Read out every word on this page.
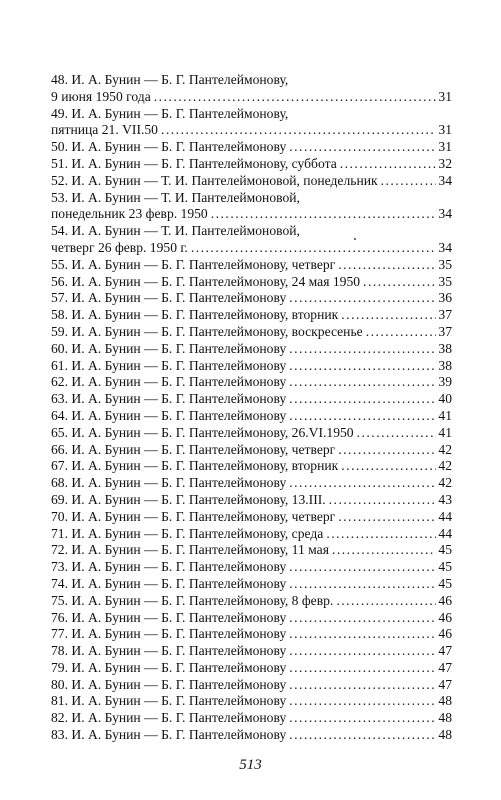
48. И. А. Бунин — Б. Г. Пантелеймонову,
9 июня 1950 года .....	31
49. И. А. Бунин — Б. Г. Пантелеймонову,
пятница 21. VII.50 .....	31
50. И. А. Бунин — Б. Г. Пантелеймонову .....	31
51. И. А. Бунин — Б. Г. Пантелеймонову, суббота .....	32
52. И. А. Бунин — Т. И. Пантелеймоновой, понедельник .....	34
53. И. А. Бунин — Т. И. Пантелеймоновой,
понедельник 23 февр. 1950 .....	34
54. И. А. Бунин — Т. И. Пантелеймоновой,
четверг 26 февр. 1950 г. .....	34
55. И. А. Бунин — Б. Г. Пантелеймонову, четверг .....	35
56. И. А. Бунин — Б. Г. Пантелеймонову, 24 мая 1950 .....	35
57. И. А. Бунин — Б. Г. Пантелеймонову .....	36
58. И. А. Бунин — Б. Г. Пантелеймонову, вторник .....	37
59. И. А. Бунин — Б. Г. Пантелеймонову, воскресенье .....	37
60. И. А. Бунин — Б. Г. Пантелеймонову .....	38
61. И. А. Бунин — Б. Г. Пантелеймонову .....	38
62. И. А. Бунин — Б. Г. Пантелеймонову .....	39
63. И. А. Бунин — Б. Г. Пантелеймонову .....	40
64. И. А. Бунин — Б. Г. Пантелеймонову .....	41
65. И. А. Бунин — Б. Г. Пантелеймонову, 26.VI.1950 .....	41
66. И. А. Бунин — Б. Г. Пантелеймонову, четверг .....	42
67. И. А. Бунин — Б. Г. Пантелеймонову, вторник .....	42
68. И. А. Бунин — Б. Г. Пантелеймонову .....	42
69. И. А. Бунин — Б. Г. Пантелеймонову, 13.III. .....	43
70. И. А. Бунин — Б. Г. Пантелеймонову, четверг .....	44
71. И. А. Бунин — Б. Г. Пантелеймонову, среда .....	44
72. И. А. Бунин — Б. Г. Пантелеймонову, 11 мая .....	45
73. И. А. Бунин — Б. Г. Пантелеймонову .....	45
74. И. А. Бунин — Б. Г. Пантелеймонову .....	45
75. И. А. Бунин — Б. Г. Пантелеймонову, 8 февр. .....	46
76. И. А. Бунин — Б. Г. Пантелеймонову .....	46
77. И. А. Бунин — Б. Г. Пантелеймонову .....	46
78. И. А. Бунин — Б. Г. Пантелеймонову .....	47
79. И. А. Бунин — Б. Г. Пантелеймонову .....	47
80. И. А. Бунин — Б. Г. Пантелеймонову .....	47
81. И. А. Бунин — Б. Г. Пантелеймонову .....	48
82. И. А. Бунин — Б. Г. Пантелеймонову .....	48
83. И. А. Бунин — Б. Г. Пантелеймонову .....	48
513
